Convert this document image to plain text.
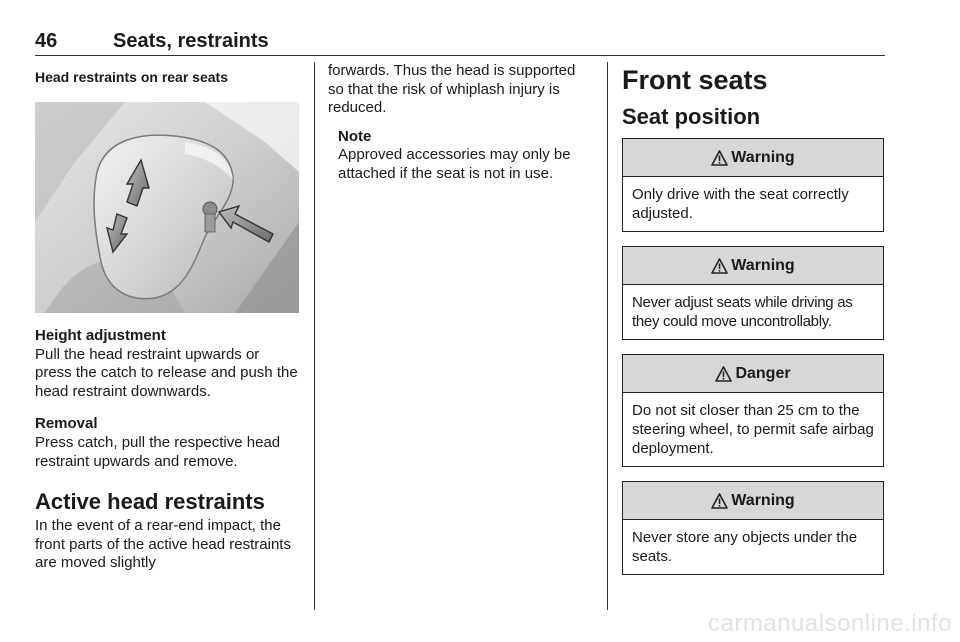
46	Seats, restraints
Head restraints on rear seats
Height adjustment

Pull the head restraint upwards or press the catch to release and push the head restraint downwards.

Removal

Press catch, pull the respective head restraint upwards and remove.

Active head restraints

In the event of a rear-end impact, the front parts of the active head restraints are moved slightly

forwards. Thus the head is supported so that the risk of whiplash injury is reduced.

Note

Approved accessories may only be attached if the seat is not in use.

Front seats
Seat position
Warning
Only drive with the seat correctly adjusted.
Warning
Never adjust seats while driving as they could move uncontrollably.
Danger
Do not sit closer than 25 cm to the steering wheel, to permit safe airbag deployment.
Warning
Never store any objects under the seats.
carmanualsonline.info
